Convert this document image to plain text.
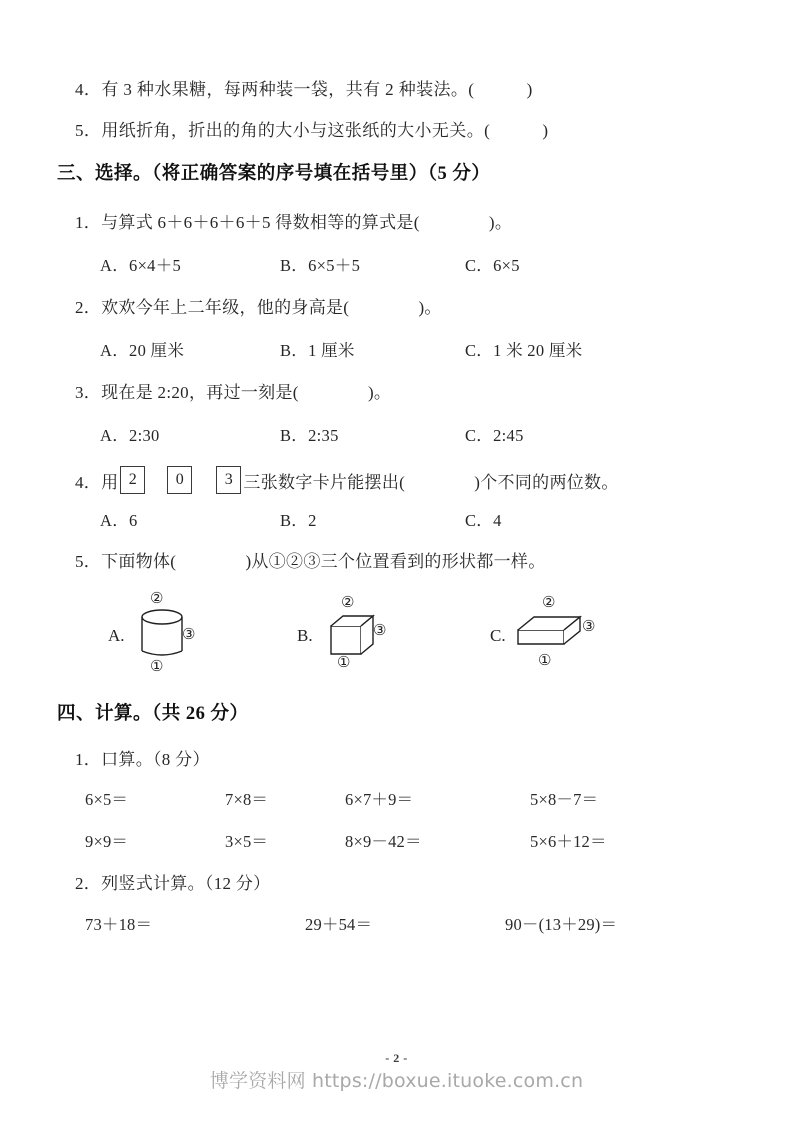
4．有 3 种水果糖，每两种装一袋，共有 2 种装法。(　　　)
5．用纸折角，折出的角的大小与这张纸的大小无关。(　　　)
三、选择。（将正确答案的序号填在括号里）（5 分）
1．与算式 6＋6＋6＋6＋5 得数相等的算式是(　　　　)。
A．6×4＋5	B．6×5＋5	C．6×5
2．欢欢今年上二年级，他的身高是(　　　　)。
A．20 厘米	B．1 厘米	C．1 米 20 厘米
3．现在是 2:20，再过一刻是(　　　　)。
A．2:30	B．2:35	C．2:45
4． 用 2	0	3 三张数字卡片能摆出(　　　　)个不同的两位数。
A．6	B．2	C．4
5．下面物体(　　　　)从①②③三个位置看到的形状都一样。
A.
②
③
①
B.
②
③
①
C.
②
③
①
四、计算。（共 26 分）
1．口算。（8 分）
6×5＝	7×8＝	6×7＋9＝	5×8－7＝
9×9＝	3×5＝	8×9－42＝	5×6＋12＝
2．列竖式计算。（12 分）
73＋18＝	29＋54＝	90－(13＋29)＝
- 2 -
博学资料网 https://boxue.ituoke.com.cn
